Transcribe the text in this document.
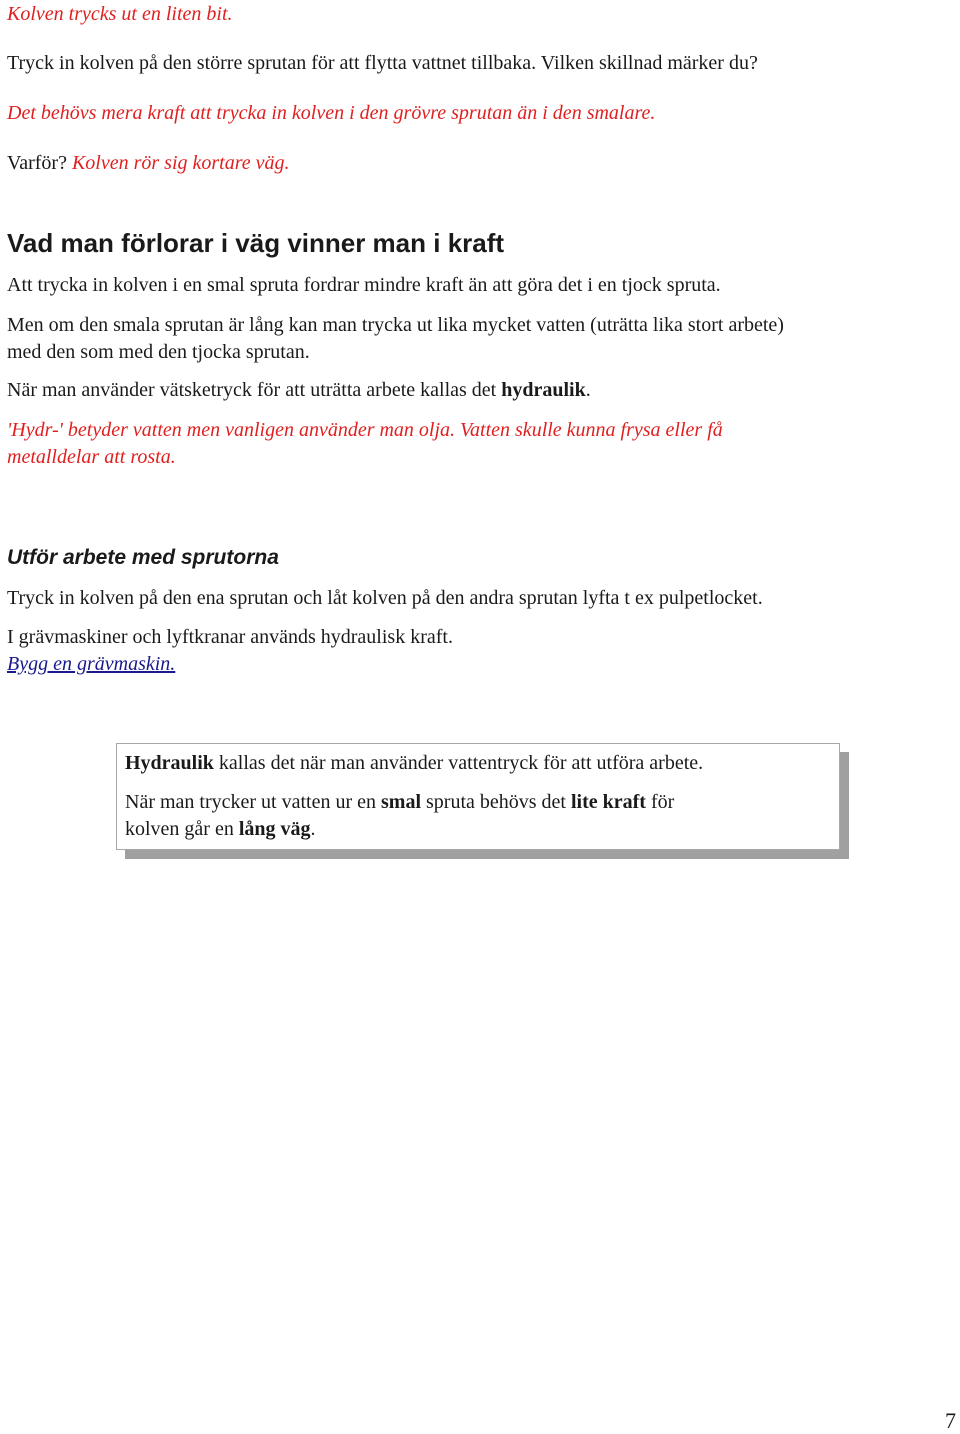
Kolven trycks ut en liten bit.

Tryck in kolven på den större sprutan för att flytta vattnet tillbaka. Vilken skillnad märker du?

Det behövs mera kraft att trycka in kolven i den grövre sprutan än i den smalare.

Varför? Kolven rör sig kortare väg.

Vad man förlorar i väg vinner man i kraft

Att trycka in kolven i en smal spruta fordrar mindre kraft än att göra det i en tjock spruta.

Men om den smala sprutan är lång kan man trycka ut lika mycket vatten (uträtta lika stort arbete)

med den som med den tjocka sprutan.

När man använder vätsketryck för att uträtta arbete kallas det hydraulik.

'Hydr-' betyder vatten men vanligen använder man olja. Vatten skulle kunna frysa eller få

metalldelar att rosta.

Utför arbete med sprutorna

Tryck in kolven på den ena sprutan och låt kolven på den andra sprutan lyfta t ex pulpetlocket.

I grävmaskiner och lyftkranar används hydraulisk kraft.

Bygg en grävmaskin.

Hydraulik kallas det när man använder vattentryck för att utföra arbete.

När man trycker ut vatten ur en smal spruta behövs det lite kraft för

kolven går en lång väg.

7
